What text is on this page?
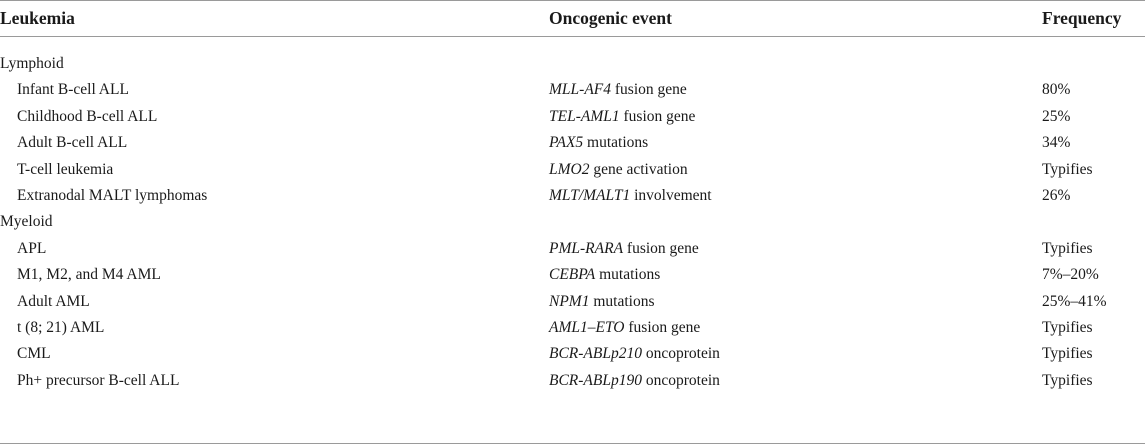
Leukemia	Oncogenic event	Frequency
Lymphoid
Infant B-cell ALL	MLL-AF4 fusion gene	80%
Childhood B-cell ALL	TEL-AML1 fusion gene	25%
Adult B-cell ALL	PAX5 mutations	34%
T-cell leukemia	LMO2 gene activation	Typifies
Extranodal MALT lymphomas	MLT/MALT1 involvement	26%
Myeloid
APL	PML-RARA fusion gene	Typifies
M1, M2, and M4 AML	CEBPA mutations	7%–20%
Adult AML	NPM1 mutations	25%–41%
t (8; 21) AML	AML1–ETO fusion gene	Typifies
CML	BCR-ABLp210 oncoprotein	Typifies
Ph+ precursor B-cell ALL	BCR-ABLp190 oncoprotein	Typifies
